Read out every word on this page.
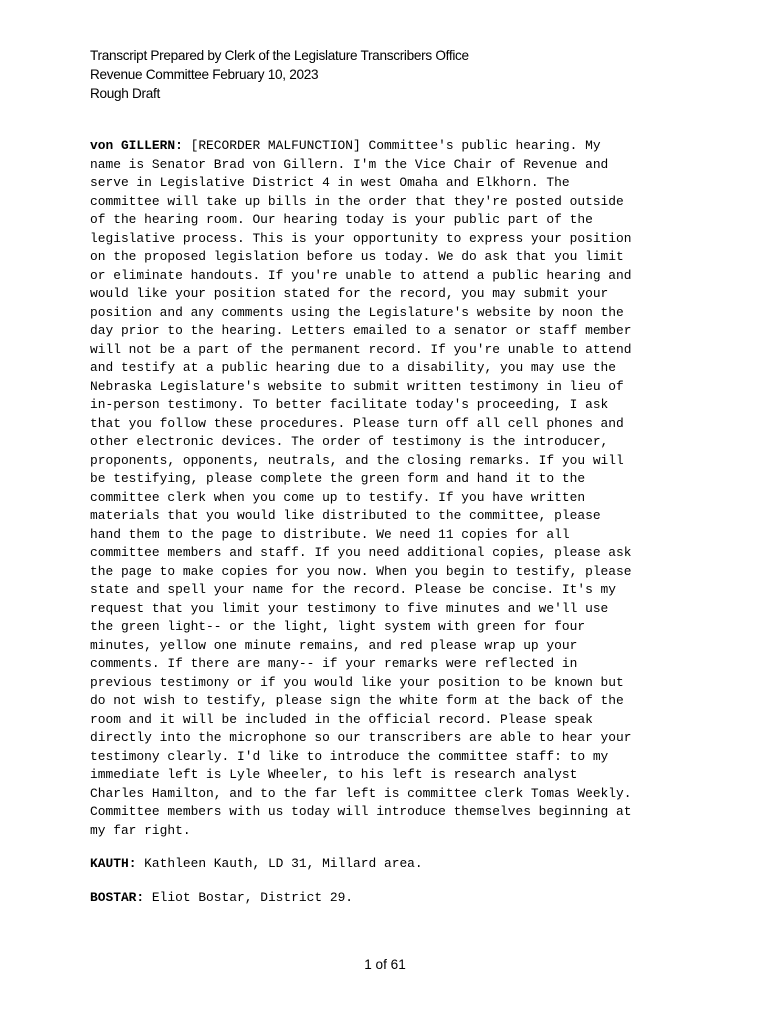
Transcript Prepared by Clerk of the Legislature Transcribers Office
Revenue Committee February 10, 2023
Rough Draft
von GILLERN: [RECORDER MALFUNCTION] Committee's public hearing. My
name is Senator Brad von Gillern. I'm the Vice Chair of Revenue and
serve in Legislative District 4 in west Omaha and Elkhorn. The
committee will take up bills in the order that they're posted outside
of the hearing room. Our hearing today is your public part of the
legislative process. This is your opportunity to express your position
on the proposed legislation before us today. We do ask that you limit
or eliminate handouts. If you're unable to attend a public hearing and
would like your position stated for the record, you may submit your
position and any comments using the Legislature's website by noon the
day prior to the hearing. Letters emailed to a senator or staff member
will not be a part of the permanent record. If you're unable to attend
and testify at a public hearing due to a disability, you may use the
Nebraska Legislature's website to submit written testimony in lieu of
in-person testimony. To better facilitate today's proceeding, I ask
that you follow these procedures. Please turn off all cell phones and
other electronic devices. The order of testimony is the introducer,
proponents, opponents, neutrals, and the closing remarks. If you will
be testifying, please complete the green form and hand it to the
committee clerk when you come up to testify. If you have written
materials that you would like distributed to the committee, please
hand them to the page to distribute. We need 11 copies for all
committee members and staff. If you need additional copies, please ask
the page to make copies for you now. When you begin to testify, please
state and spell your name for the record. Please be concise. It's my
request that you limit your testimony to five minutes and we'll use
the green light-- or the light, light system with green for four
minutes, yellow one minute remains, and red please wrap up your
comments. If there are many-- if your remarks were reflected in
previous testimony or if you would like your position to be known but
do not wish to testify, please sign the white form at the back of the
room and it will be included in the official record. Please speak
directly into the microphone so our transcribers are able to hear your
testimony clearly. I'd like to introduce the committee staff: to my
immediate left is Lyle Wheeler, to his left is research analyst
Charles Hamilton, and to the far left is committee clerk Tomas Weekly.
Committee members with us today will introduce themselves beginning at
my far right.
KAUTH: Kathleen Kauth, LD 31, Millard area.
BOSTAR: Eliot Bostar, District 29.
1 of 61
